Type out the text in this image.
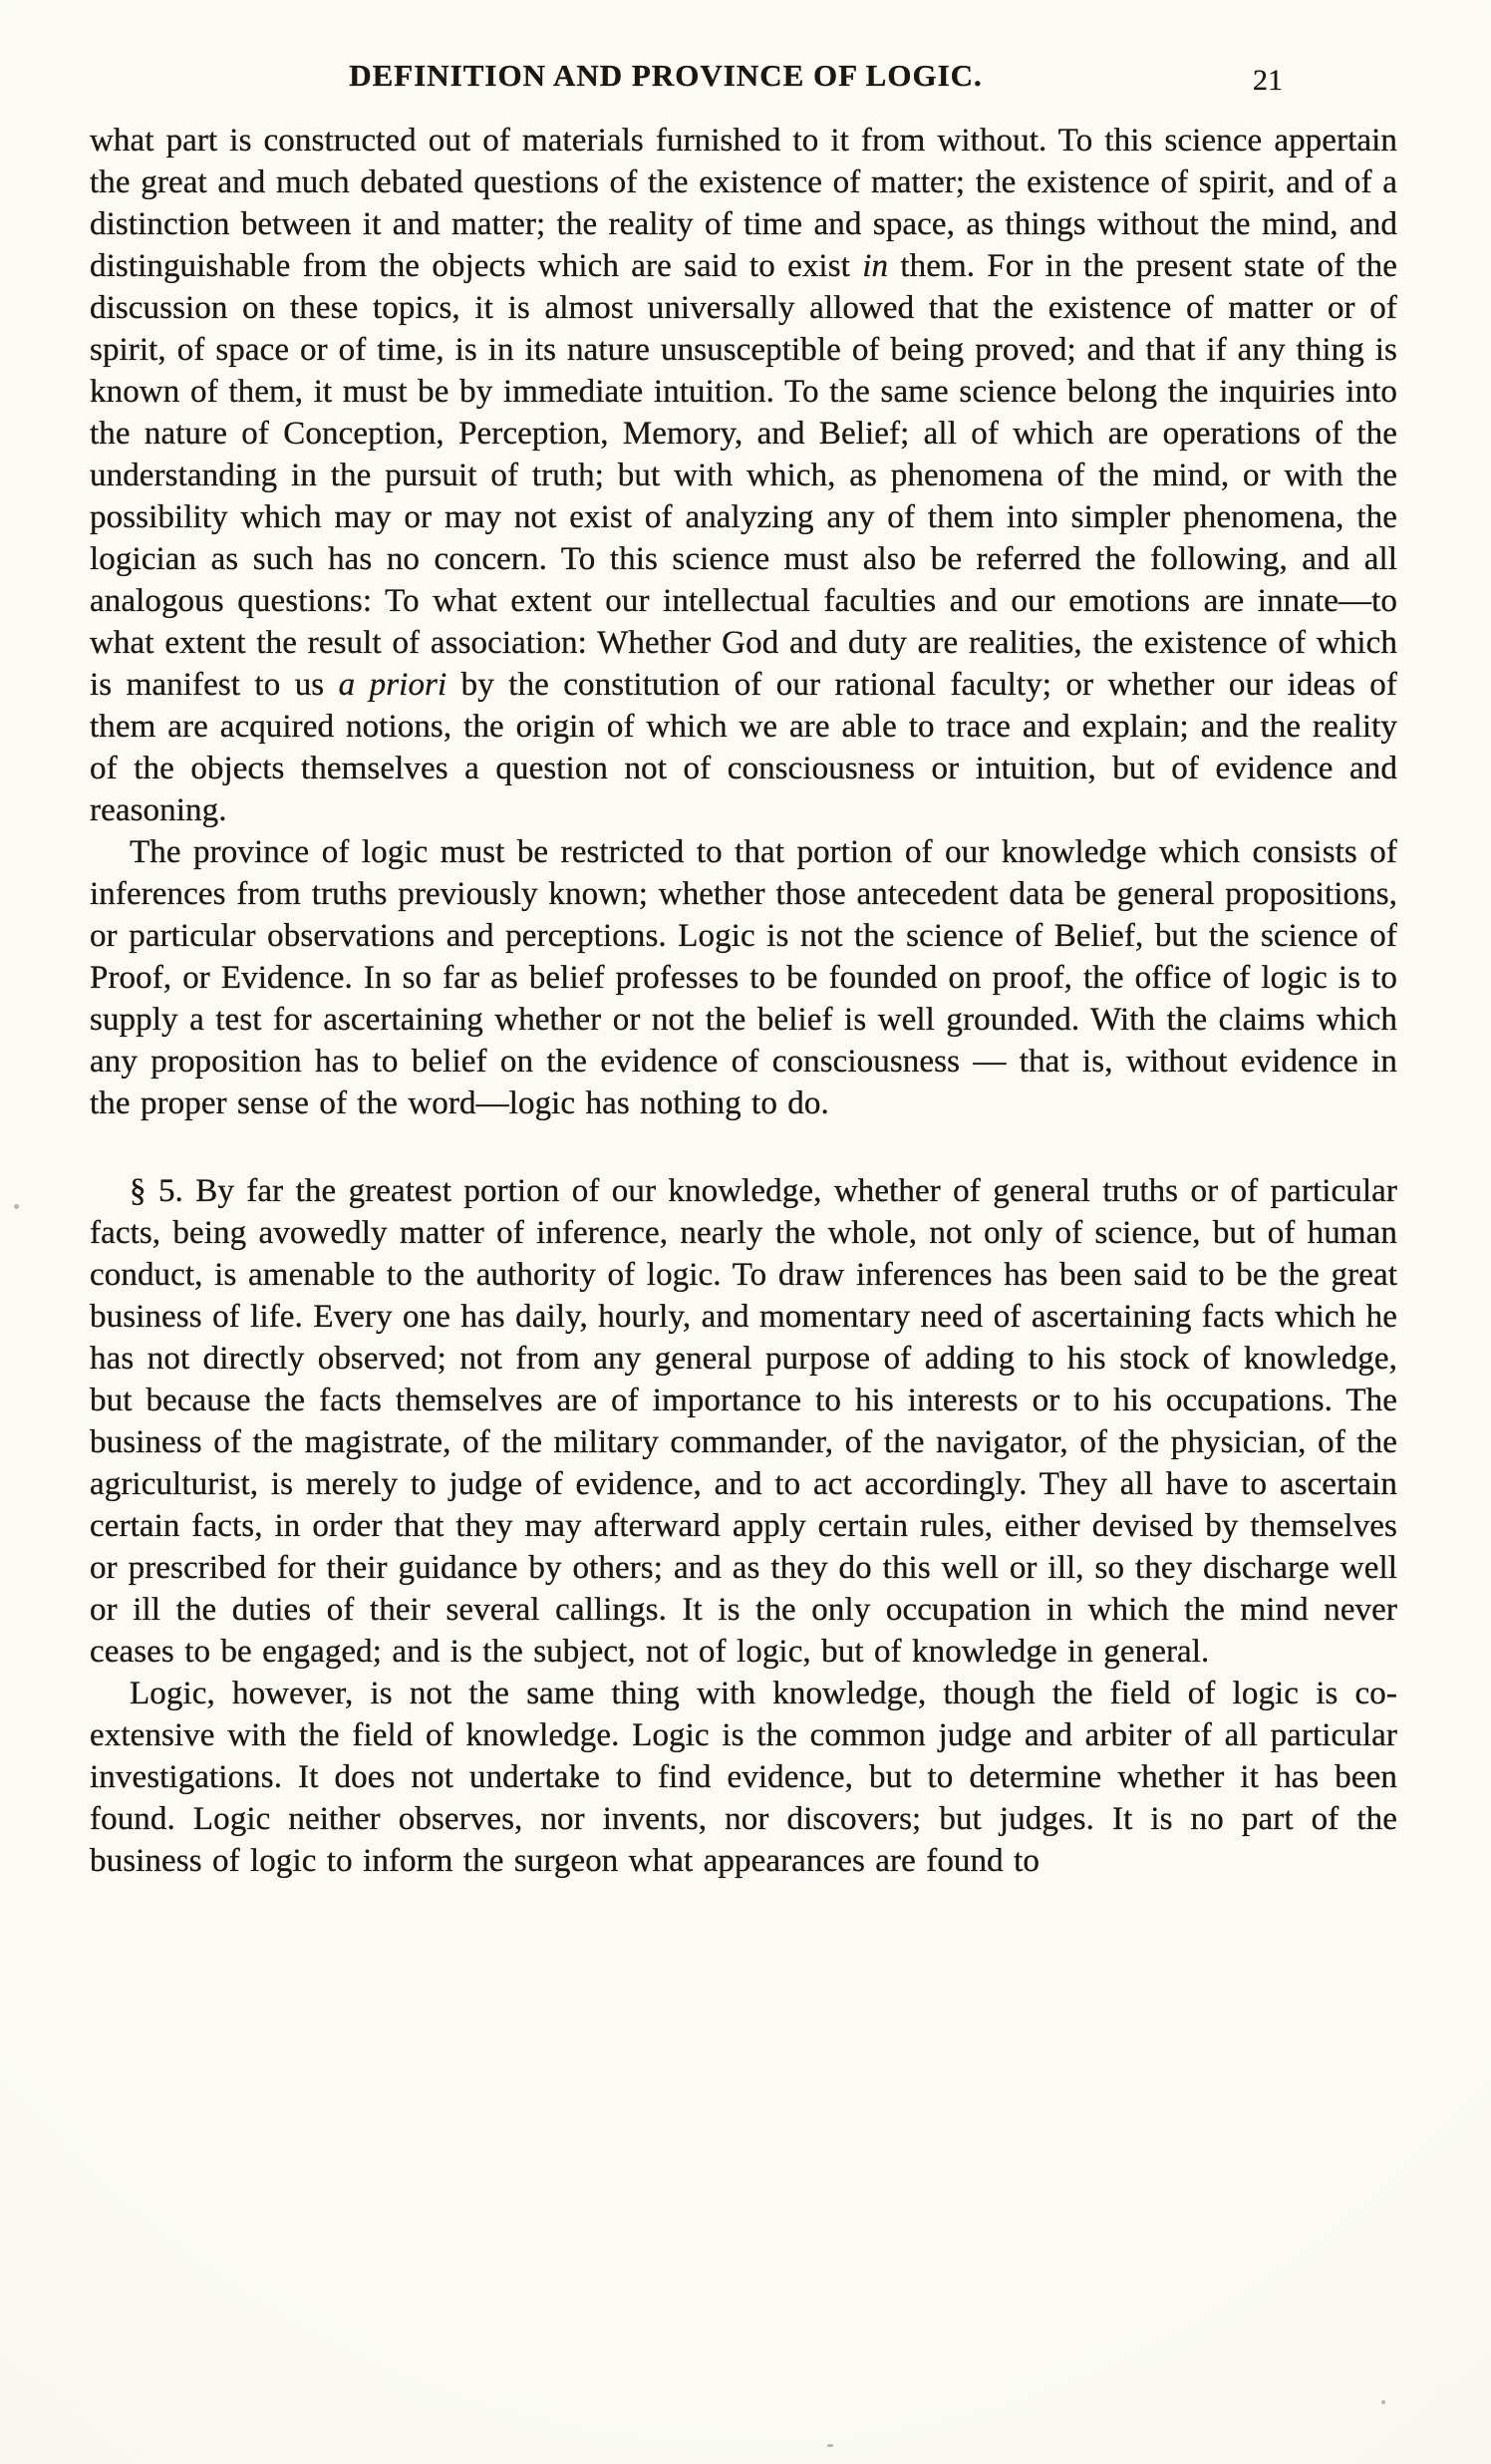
DEFINITION AND PROVINCE OF LOGIC.	21

what part is constructed out of materials furnished to it from without. To this science appertain the great and much debated questions of the existence of matter; the existence of spirit, and of a distinction between it and matter; the reality of time and space, as things without the mind, and distinguishable from the objects which are said to exist in them. For in the present state of the discussion on these topics, it is almost universally allowed that the existence of matter or of spirit, of space or of time, is in its nature unsusceptible of being proved; and that if any thing is known of them, it must be by immediate intuition. To the same science belong the inquiries into the nature of Conception, Perception, Memory, and Belief; all of which are operations of the understanding in the pursuit of truth; but with which, as phenomena of the mind, or with the possibility which may or may not exist of analyzing any of them into simpler phenomena, the logician as such has no concern. To this science must also be referred the following, and all analogous questions: To what extent our intellectual faculties and our emotions are innate—to what extent the result of association: Whether God and duty are realities, the existence of which is manifest to us a priori by the constitution of our rational faculty; or whether our ideas of them are acquired notions, the origin of which we are able to trace and explain; and the reality of the objects themselves a question not of consciousness or intuition, but of evidence and reasoning.

The province of logic must be restricted to that portion of our knowledge which consists of inferences from truths previously known; whether those antecedent data be general propositions, or particular observations and perceptions. Logic is not the science of Belief, but the science of Proof, or Evidence. In so far as belief professes to be founded on proof, the office of logic is to supply a test for ascertaining whether or not the belief is well grounded. With the claims which any proposition has to belief on the evidence of consciousness — that is, without evidence in the proper sense of the word—logic has nothing to do.

§ 5. By far the greatest portion of our knowledge, whether of general truths or of particular facts, being avowedly matter of inference, nearly the whole, not only of science, but of human conduct, is amenable to the authority of logic. To draw inferences has been said to be the great business of life. Every one has daily, hourly, and momentary need of ascertaining facts which he has not directly observed; not from any general purpose of adding to his stock of knowledge, but because the facts themselves are of importance to his interests or to his occupations. The business of the magistrate, of the military commander, of the navigator, of the physician, of the agriculturist, is merely to judge of evidence, and to act accordingly. They all have to ascertain certain facts, in order that they may afterward apply certain rules, either devised by themselves or prescribed for their guidance by others; and as they do this well or ill, so they discharge well or ill the duties of their several callings. It is the only occupation in which the mind never ceases to be engaged; and is the subject, not of logic, but of knowledge in general.

Logic, however, is not the same thing with knowledge, though the field of logic is co-extensive with the field of knowledge. Logic is the common judge and arbiter of all particular investigations. It does not undertake to find evidence, but to determine whether it has been found. Logic neither observes, nor invents, nor discovers; but judges. It is no part of the business of logic to inform the surgeon what appearances are found to
